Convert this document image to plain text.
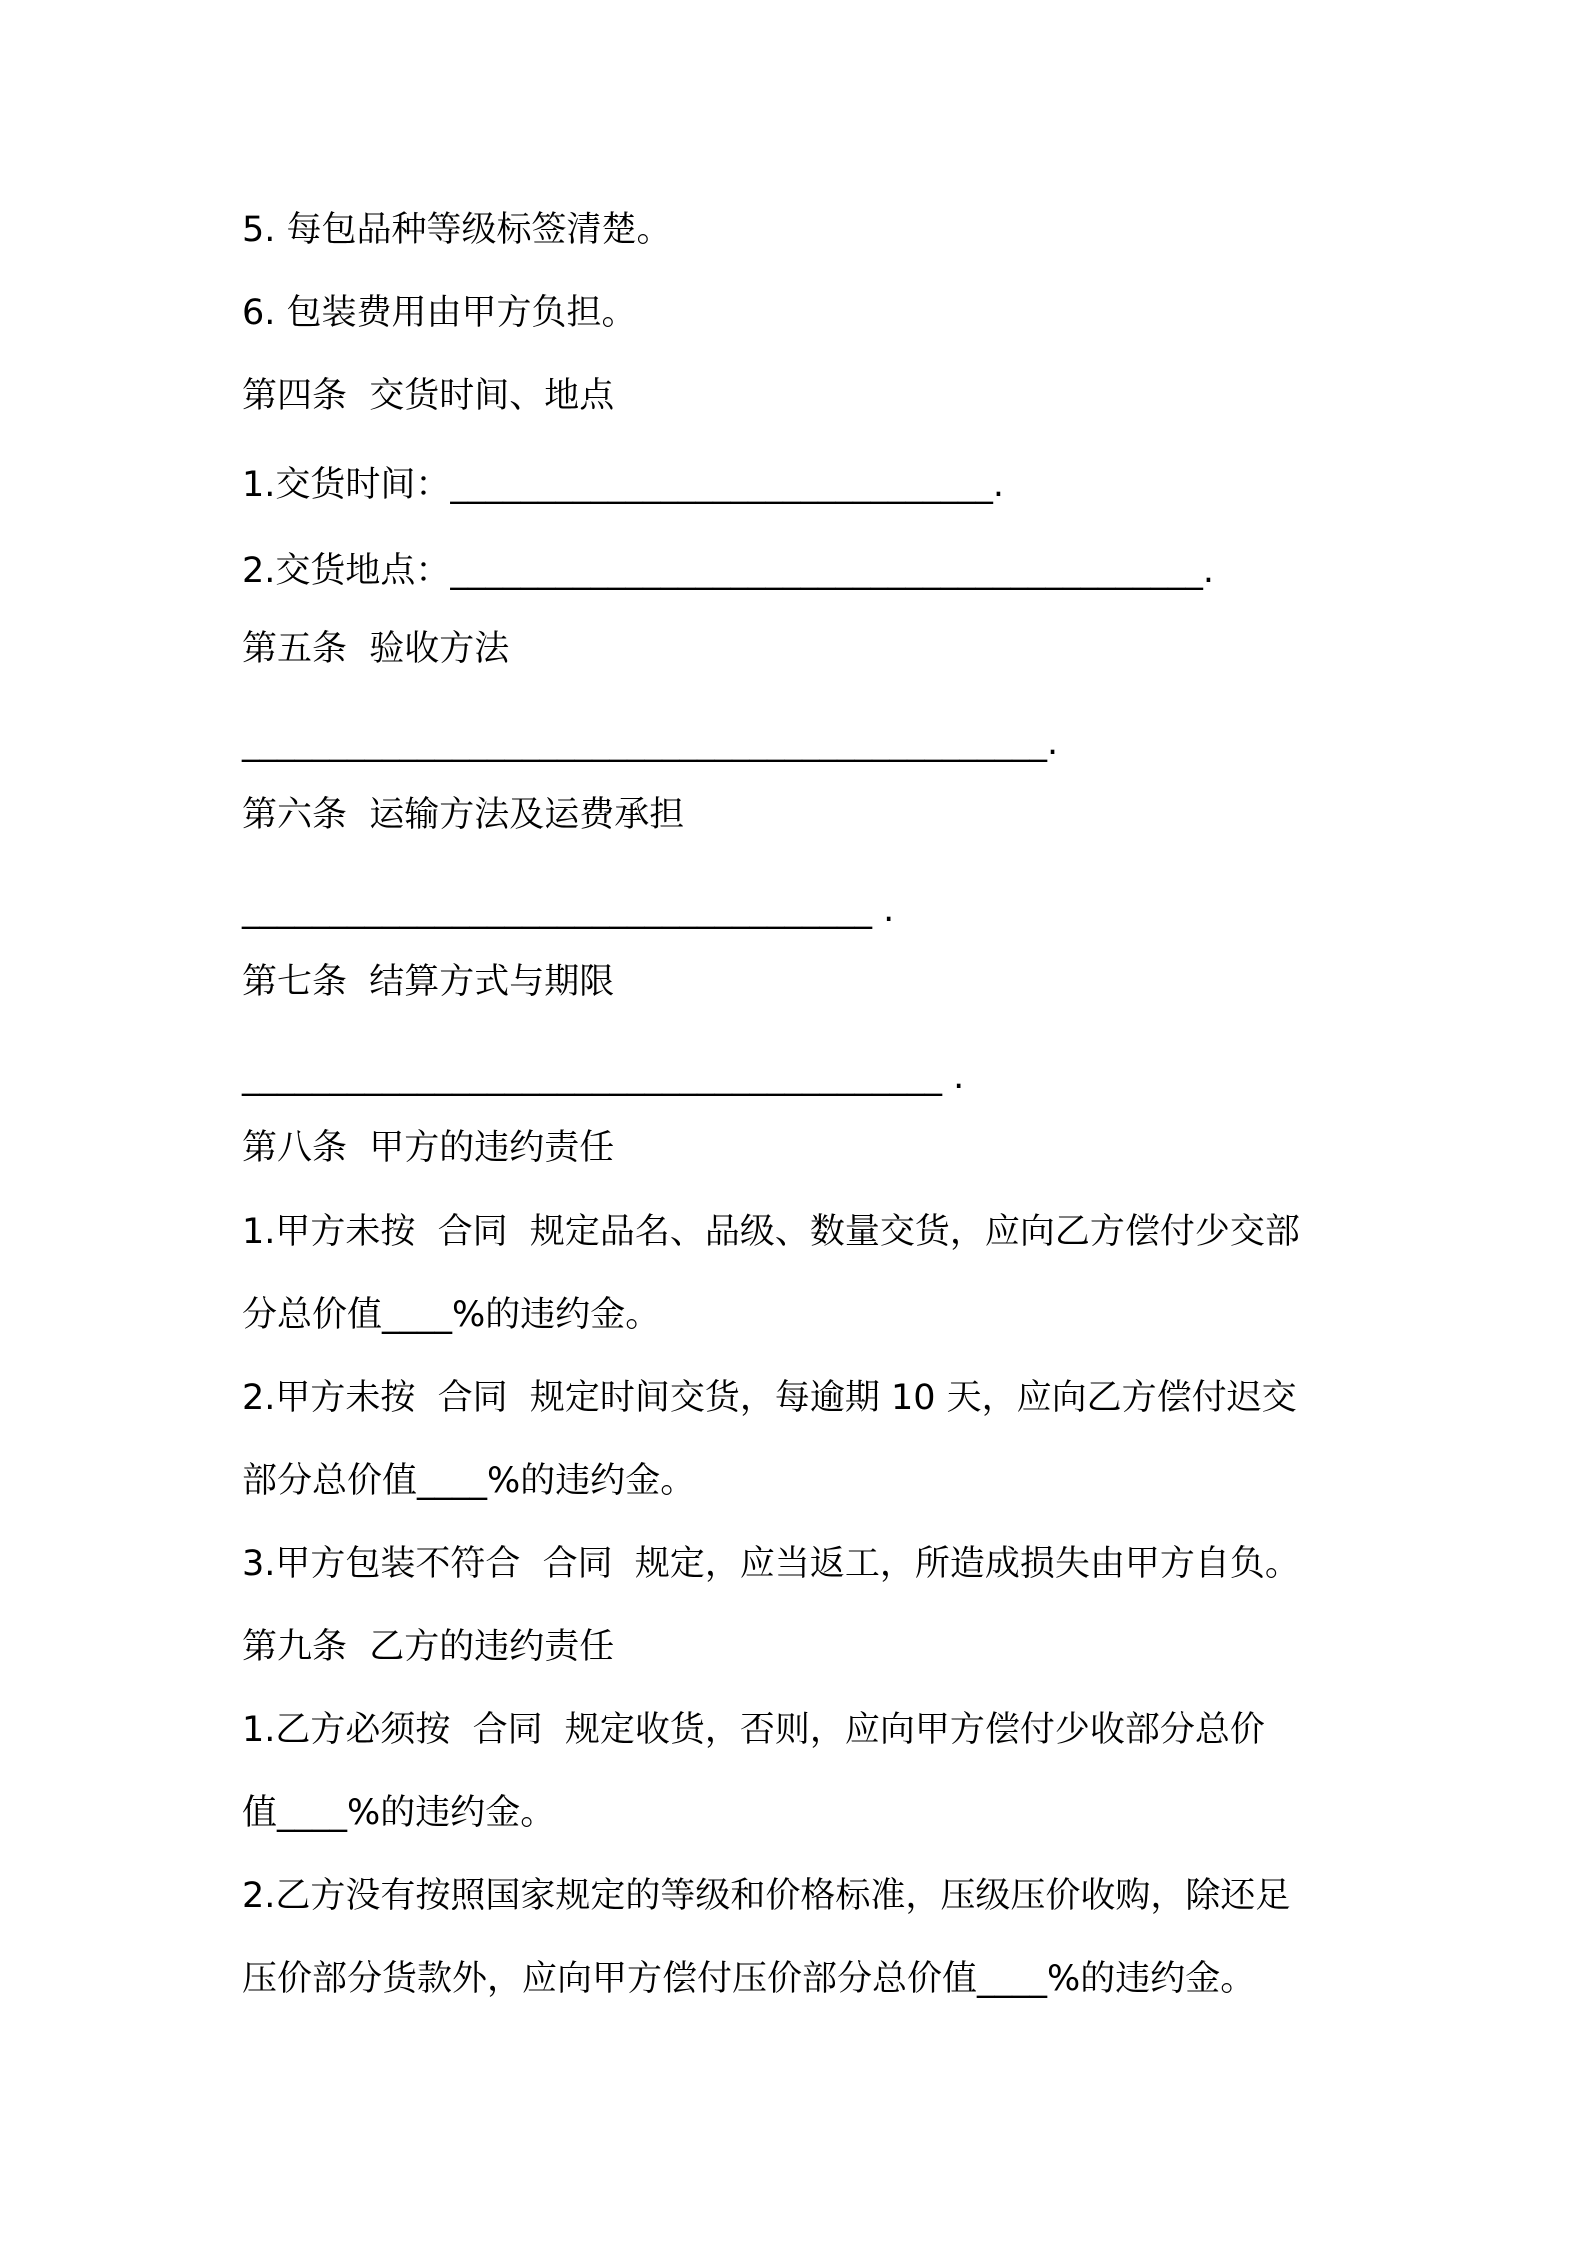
5. 每包品种等级标签清楚。
6. 包装费用由甲方负担。
第四条  交货时间、地点
1.交货时间：_______________________________.
2.交货地点：___________________________________________.
第五条  验收方法
______________________________________________.
第六条  运输方法及运费承担
____________________________________ .
第七条  结算方式与期限
________________________________________ .
第八条  甲方的违约责任
1.甲方未按  合同  规定品名、品级、数量交货，应向乙方偿付少交部
分总价值____%的违约金。
2.甲方未按  合同  规定时间交货，每逾期 10 天，应向乙方偿付迟交
部分总价值____%的违约金。
3.甲方包装不符合  合同  规定，应当返工，所造成损失由甲方自负。
第九条  乙方的违约责任
1.乙方必须按  合同  规定收货，否则，应向甲方偿付少收部分总价
值____%的违约金。
2.乙方没有按照国家规定的等级和价格标准，压级压价收购，除还足
压价部分货款外，应向甲方偿付压价部分总价值____%的违约金。
